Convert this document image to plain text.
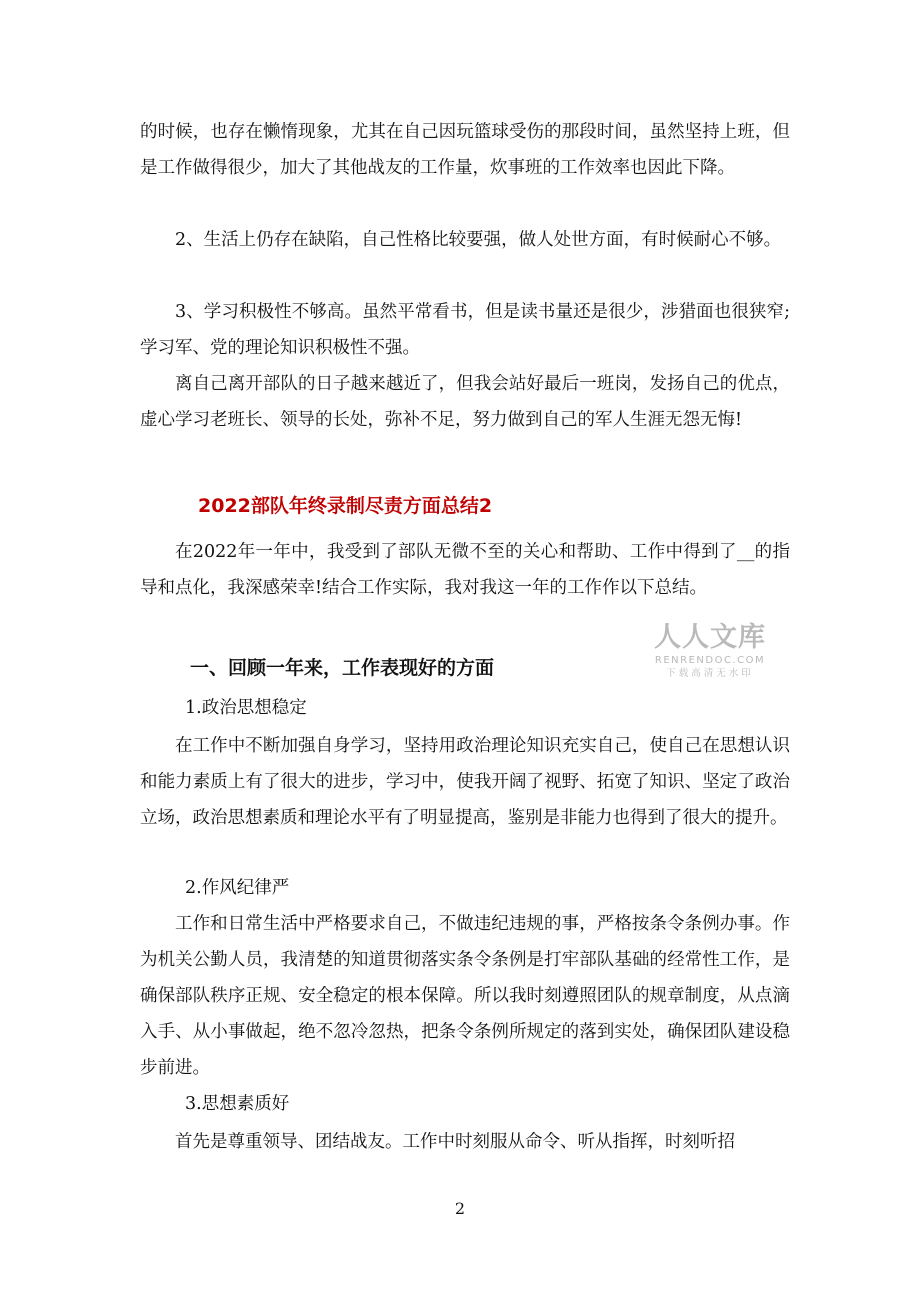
的时候，也存在懒惰现象，尤其在自己因玩篮球受伤的那段时间，虽然坚持上班，但是工作做得很少，加大了其他战友的工作量，炊事班的工作效率也因此下降。

2、生活上仍存在缺陷，自己性格比较要强，做人处世方面，有时候耐心不够。

3、学习积极性不够高。虽然平常看书，但是读书量还是很少，涉猎面也很狭窄;学习军、党的理论知识积极性不强。

离自己离开部队的日子越来越近了，但我会站好最后一班岗，发扬自己的优点，虚心学习老班长、领导的长处，弥补不足，努力做到自己的军人生涯无怨无悔!

2022部队年终录制尽责方面总结2

在2022年一年中，我受到了部队无微不至的关心和帮助、工作中得到了__的指导和点化，我深感荣幸!结合工作实际，我对我这一年的工作作以下总结。

人人文库
RENRENDOC.COM
下载高清无水印
一、回顾一年来，工作表现好的方面

1.政治思想稳定

在工作中不断加强自身学习，坚持用政治理论知识充实自己，使自己在思想认识和能力素质上有了很大的进步，学习中，使我开阔了视野、拓宽了知识、坚定了政治立场，政治思想素质和理论水平有了明显提高，鉴别是非能力也得到了很大的提升。

2.作风纪律严

工作和日常生活中严格要求自己，不做违纪违规的事，严格按条令条例办事。作为机关公勤人员，我清楚的知道贯彻落实条令条例是打牢部队基础的经常性工作，是确保部队秩序正规、安全稳定的根本保障。所以我时刻遵照团队的规章制度，从点滴入手、从小事做起，绝不忽冷忽热，把条令条例所规定的落到实处，确保团队建设稳步前进。

3.思想素质好

首先是尊重领导、团结战友。工作中时刻服从命令、听从指挥，时刻听招

2
